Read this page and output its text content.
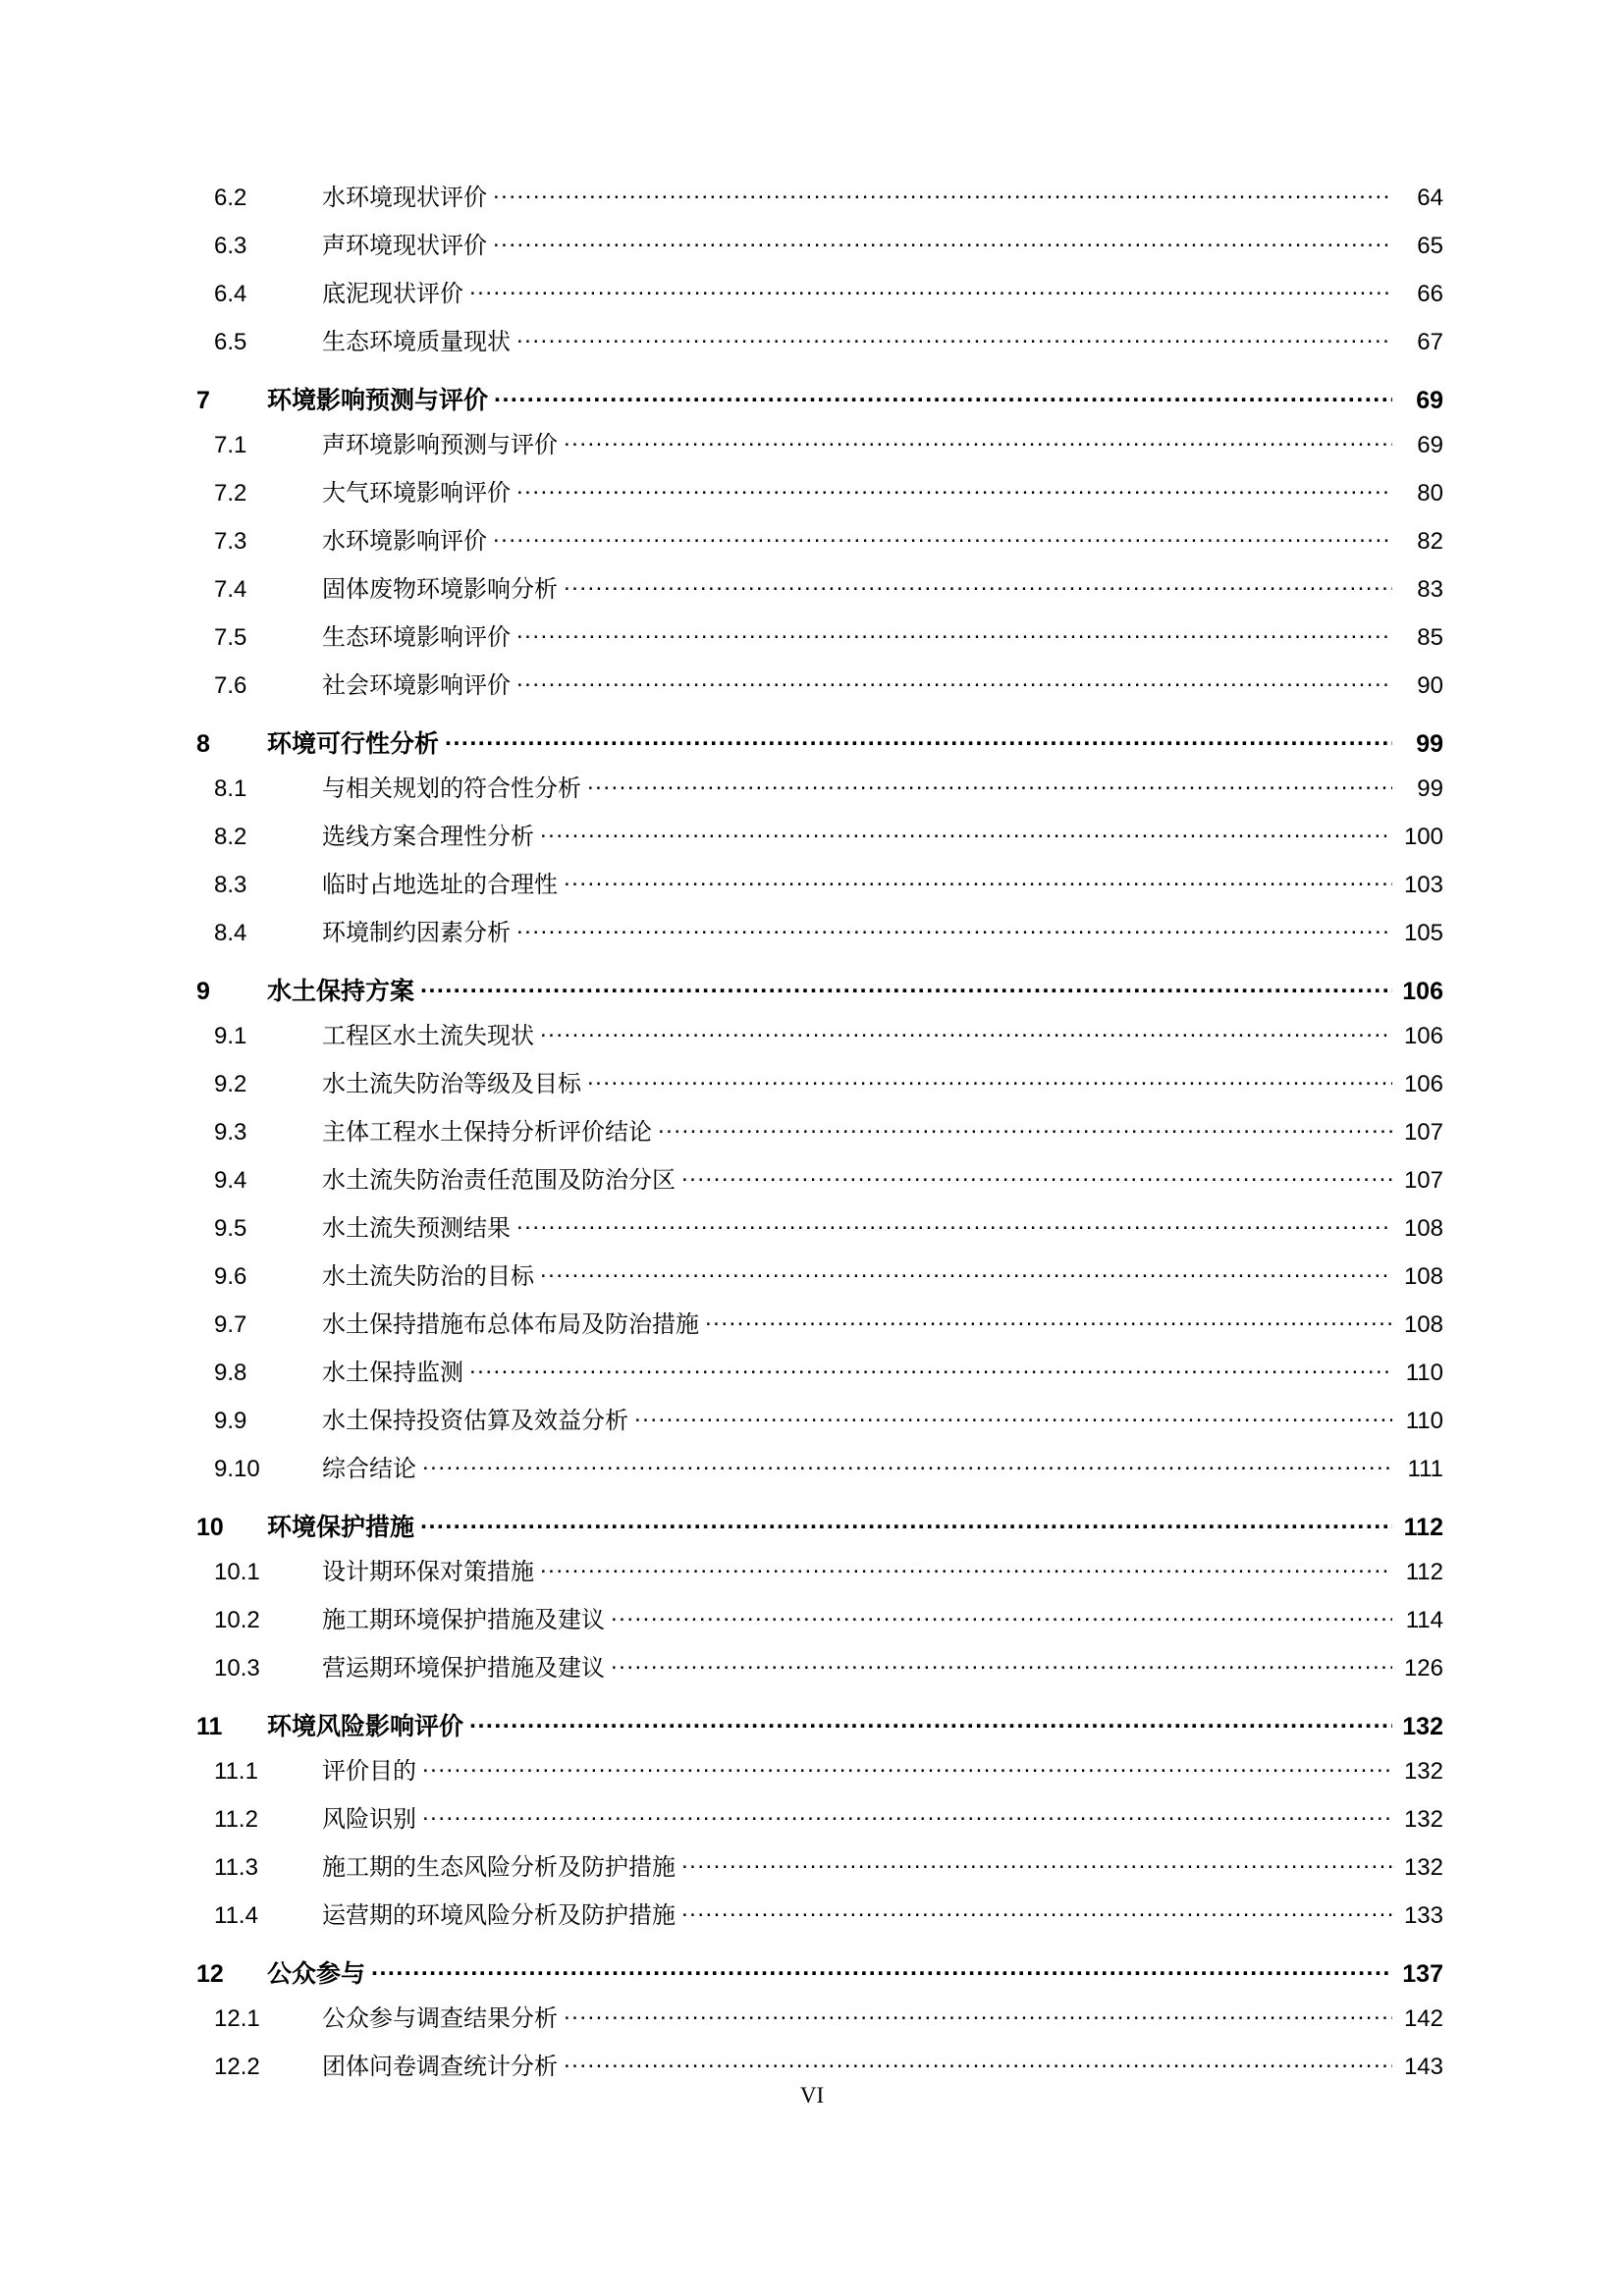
6.2	水环境现状评价 .....	64
6.3	声环境现状评价 .....	65
6.4	底泥现状评价 .....	66
6.5	生态环境质量现状 .....	67
7	环境影响预测与评价 .....	69
7.1	声环境影响预测与评价 .....	69
7.2	大气环境影响评价 .....	80
7.3	水环境影响评价 .....	82
7.4	固体废物环境影响分析 .....	83
7.5	生态环境影响评价 .....	85
7.6	社会环境影响评价 .....	90
8	环境可行性分析 .....	99
8.1	与相关规划的符合性分析 .....	99
8.2	选线方案合理性分析 .....	100
8.3	临时占地选址的合理性 .....	103
8.4	环境制约因素分析 .....	105
9	水土保持方案 .....	106
9.1	工程区水土流失现状 .....	106
9.2	水土流失防治等级及目标 .....	106
9.3	主体工程水土保持分析评价结论 .....	107
9.4	水土流失防治责任范围及防治分区 .....	107
9.5	水土流失预测结果 .....	108
9.6	水土流失防治的目标 .....	108
9.7	水土保持措施布总体布局及防治措施 .....	108
9.8	水土保持监测 .....	110
9.9	水土保持投资估算及效益分析 .....	110
9.10	综合结论 .....	111
10	环境保护措施 .....	112
10.1	设计期环保对策措施 .....	112
10.2	施工期环境保护措施及建议 .....	114
10.3	营运期环境保护措施及建议 .....	126
11	环境风险影响评价 .....	132
11.1	评价目的 .....	132
11.2	风险识别 .....	132
11.3	施工期的生态风险分析及防护措施 .....	132
11.4	运营期的环境风险分析及防护措施 .....	133
12	公众参与 .....	137
12.1	公众参与调查结果分析 .....	142
12.2	团体问卷调查统计分析 .....	143
VI
